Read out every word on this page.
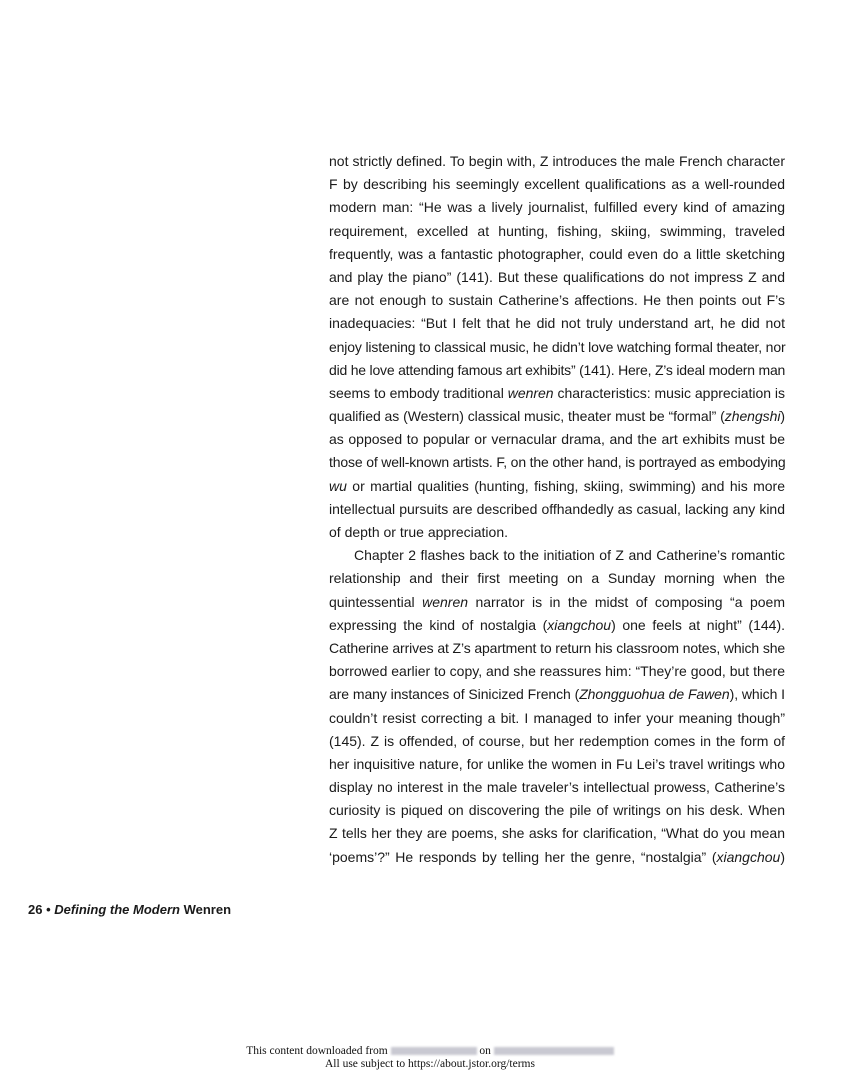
not strictly defined. To begin with, Z introduces the male French character
F by describing his seemingly excellent qualifications as a well-rounded
modern man: “He was a lively journalist, fulfilled every kind of amazing
requirement, excelled at hunting, fishing, skiing, swimming, traveled
frequently, was a fantastic photographer, could even do a little sketching
and play the piano” (141). But these qualifications do not impress Z and
are not enough to sustain Catherine’s affections. He then points out F’s
inadequacies: “But I felt that he did not truly understand art, he did not
enjoy listening to classical music, he didn’t love watching formal theater, nor
did he love attending famous art exhibits” (141). Here, Z’s ideal modern man
seems to embody traditional wenren characteristics: music appreciation is
qualified as (Western) classical music, theater must be “formal” (zhengshi)
as opposed to popular or vernacular drama, and the art exhibits must be
those of well-known artists. F, on the other hand, is portrayed as embodying
wu or martial qualities (hunting, fishing, skiing, swimming) and his more
intellectual pursuits are described offhandedly as casual, lacking any kind
of depth or true appreciation.
Chapter 2 flashes back to the initiation of Z and Catherine’s romantic
relationship and their first meeting on a Sunday morning when the
quintessential wenren narrator is in the midst of composing “a poem
expressing the kind of nostalgia (xiangchou) one feels at night” (144).
Catherine arrives at Z’s apartment to return his classroom notes, which she
borrowed earlier to copy, and she reassures him: “They’re good, but there
are many instances of Sinicized French (Zhongguohua de Fawen), which I
couldn’t resist correcting a bit. I managed to infer your meaning though”
(145). Z is offended, of course, but her redemption comes in the form of
her inquisitive nature, for unlike the women in Fu Lei’s travel writings who
display no interest in the male traveler’s intellectual prowess, Catherine’s
curiosity is piqued on discovering the pile of writings on his desk. When
Z tells her they are poems, she asks for clarification, “What do you mean
‘poems’?” He responds by telling her the genre, “nostalgia” (xiangchou)
26 • Defining the Modern Wenren
This content downloaded from	on
All use subject to https://about.jstor.org/terms
